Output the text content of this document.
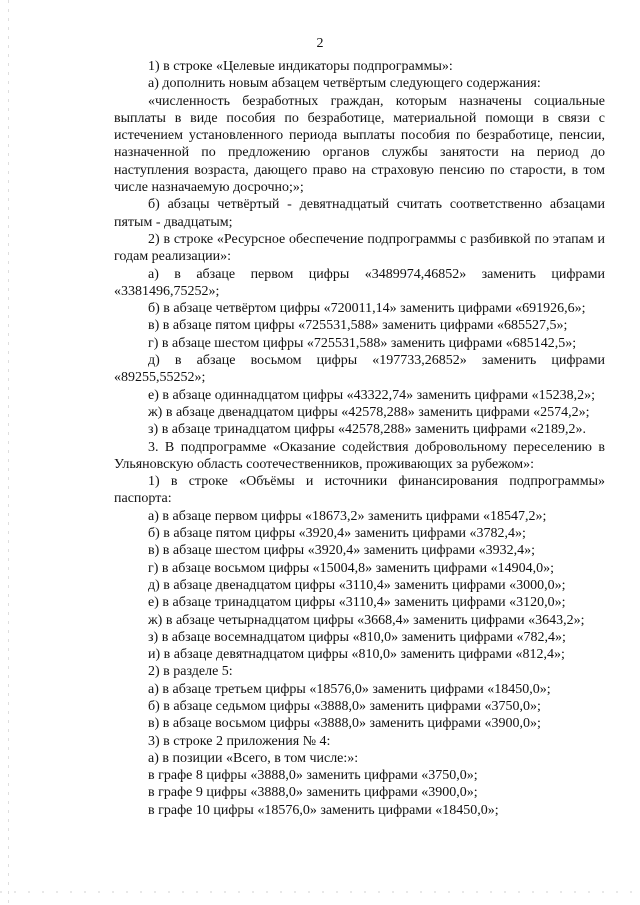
2

1) в строке «Целевые индикаторы подпрограммы»:

а) дополнить новым абзацем четвёртым следующего содержания:

«численность безработных граждан, которым назначены социальные выплаты в виде пособия по безработице, материальной помощи в связи с истечением установленного периода выплаты пособия по безработице, пенсии, назначенной по предложению органов службы занятости на период до наступления возраста, дающего право на страховую пенсию по старости, в том числе назначаемую досрочно;»;

б) абзацы четвёртый - девятнадцатый считать соответственно абзацами пятым - двадцатым;

2) в строке «Ресурсное обеспечение подпрограммы с разбивкой по этапам и годам реализации»:

а) в абзаце первом цифры «3489974,46852» заменить цифрами «3381496,75252»;

б) в абзаце четвёртом цифры «720011,14» заменить цифрами «691926,6»;

в) в абзаце пятом цифры «725531,588» заменить цифрами «685527,5»;

г) в абзаце шестом цифры «725531,588» заменить цифрами «685142,5»;

д) в абзаце восьмом цифры «197733,26852» заменить цифрами «89255,55252»;

е) в абзаце одиннадцатом цифры «43322,74» заменить цифрами «15238,2»;

ж) в абзаце двенадцатом цифры «42578,288» заменить цифрами «2574,2»;

з) в абзаце тринадцатом цифры «42578,288» заменить цифрами «2189,2».

3. В подпрограмме «Оказание содействия добровольному переселению в Ульяновскую область соотечественников, проживающих за рубежом»:

1) в строке «Объёмы и источники финансирования подпрограммы» паспорта:

а) в абзаце первом цифры «18673,2» заменить цифрами «18547,2»;

б) в абзаце пятом цифры «3920,4» заменить цифрами «3782,4»;

в) в абзаце шестом цифры «3920,4» заменить цифрами «3932,4»;

г) в абзаце восьмом цифры «15004,8» заменить цифрами «14904,0»;

д) в абзаце двенадцатом цифры «3110,4» заменить цифрами «3000,0»;

е) в абзаце тринадцатом цифры «3110,4» заменить цифрами «3120,0»;

ж) в абзаце четырнадцатом цифры «3668,4» заменить цифрами «3643,2»;

з) в абзаце восемнадцатом цифры «810,0» заменить цифрами «782,4»;

и) в абзаце девятнадцатом цифры «810,0» заменить цифрами «812,4»;

2) в разделе 5:

а) в абзаце третьем цифры «18576,0» заменить цифрами «18450,0»;

б) в абзаце седьмом цифры «3888,0» заменить цифрами «3750,0»;

в) в абзаце восьмом цифры «3888,0» заменить цифрами «3900,0»;

3) в строке 2 приложения № 4:

а) в позиции «Всего, в том числе:»:

в графе 8 цифры «3888,0» заменить цифрами «3750,0»;

в графе 9 цифры «3888,0» заменить цифрами «3900,0»;

в графе 10 цифры «18576,0» заменить цифрами «18450,0»;
